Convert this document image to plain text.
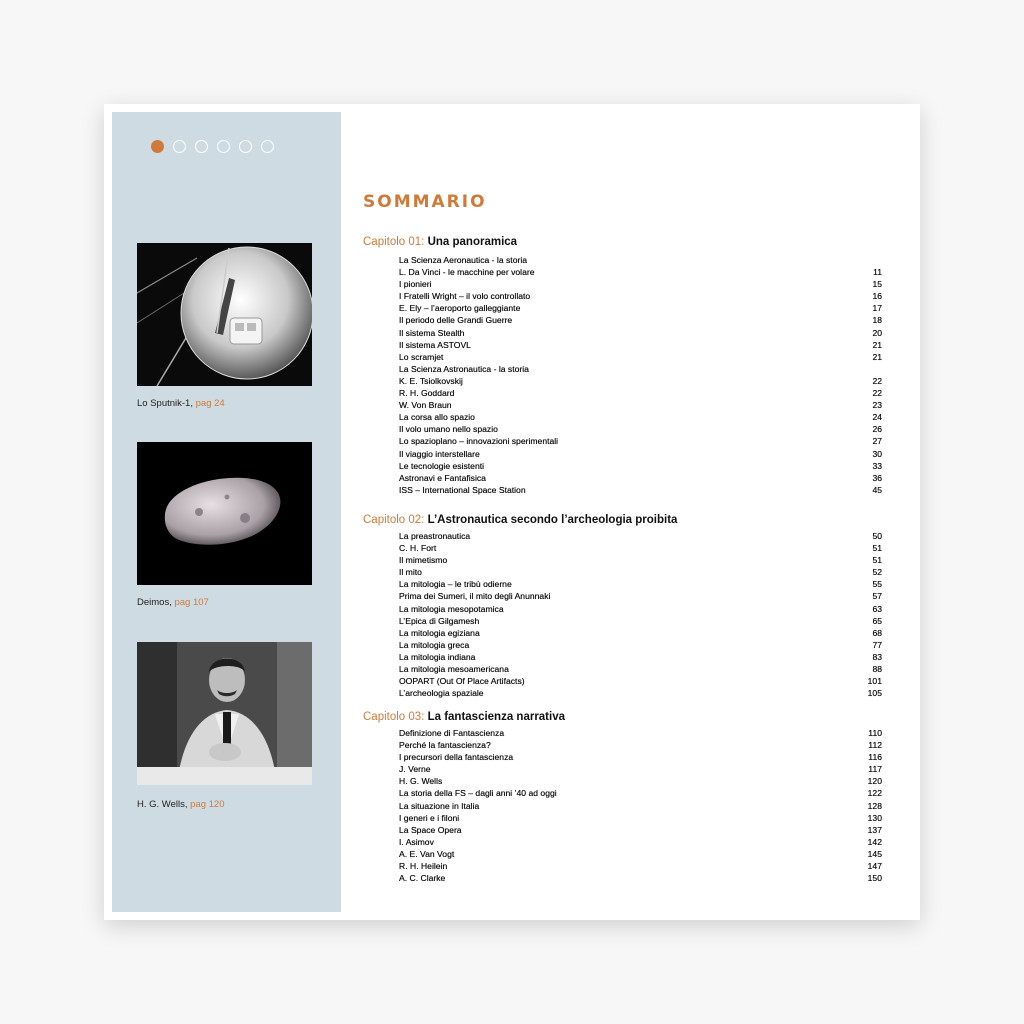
Lo Sputnik-1, pag 24
Deimos, pag 107
H. G. Wells, pag 120
SOMMARIO
Capitolo 01: Una panoramica
La Scienza Aeronautica - la storia
L. Da Vinci - le macchine per volare	11
I pionieri	15
I Fratelli Wright – il volo controllato	16
E. Ely – l’aeroporto galleggiante	17
Il periodo delle Grandi Guerre	18
Il sistema Stealth	20
Il sistema ASTOVL	21
Lo scramjet	21
La Scienza Astronautica - la storia
K. E. Tsiolkovskij	22
R. H. Goddard	22
W. Von Braun	23
La corsa allo spazio	24
Il volo umano nello spazio	26
Lo spazioplano – innovazioni sperimentali	27
Il viaggio interstellare	30
Le tecnologie esistenti	33
Astronavi e Fantafisica	36
ISS – International Space Station	45
Capitolo 02: L’Astronautica secondo l’archeologia proibita
La preastronautica	50
C. H. Fort	51
Il mimetismo	51
Il mito	52
La mitologia – le tribù odierne	55
Prima dei Sumeri, il mito degli Anunnaki	57
La mitologia mesopotamica	63
L’Epica di Gilgamesh	65
La mitologia egiziana	68
La mitologia greca	77
La mitologia indiana	83
La mitologia mesoamericana	88
OOPART (Out Of Place Artifacts)	101
L’archeologia spaziale	105
Capitolo 03: La fantascienza narrativa
Definizione di Fantascienza	110
Perché la fantascienza?	112
I precursori della fantascienza	116
J. Verne	117
H. G. Wells	120
La storia della FS – dagli anni ’40 ad oggi	122
La situazione in Italia	128
I generi e i filoni	130
La Space Opera	137
I. Asimov	142
A. E. Van Vogt	145
R. H. Heilein	147
A. C. Clarke	150
